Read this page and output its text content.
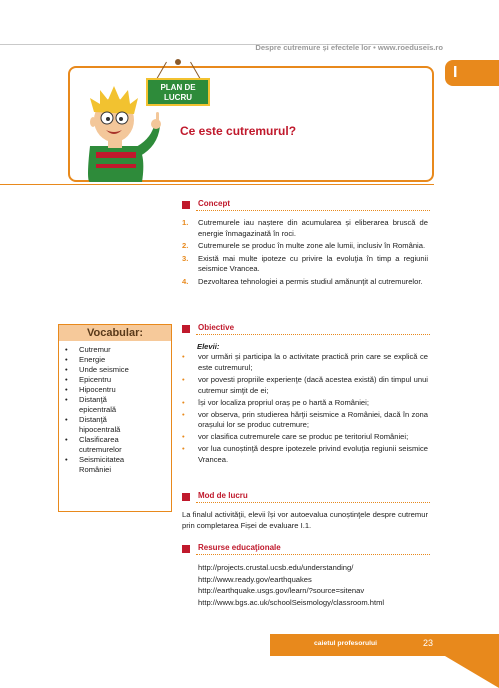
Despre cutremure și efectele lor • www.roeduseis.ro
I
PLAN DE LUCRU
Ce este cutremurul?
Vocabular:
• Cutremur
• Energie
• Unde seismice
• Epicentru
• Hipocentru
• Distanţă epicentrală
• Distanţă hipocentrală
• Clasificarea cutremurelor
• Seismicitatea României
Concept
1. Cutremurele iau naștere din acumularea și eliberarea bruscă de energie înmagazinată în roci.
2. Cutremurele se produc în multe zone ale lumii, inclusiv în România.
3. Există mai multe ipoteze cu privire la evoluţia în timp a regiunii seismice Vrancea.
4. Dezvoltarea tehnologiei a permis studiul amănunţit al cutremurelor.
Obiective
Elevii:
• vor urmări și participa la o activitate practică prin care se explică ce este cutremurul;
• vor povesti propriile experienţe (dacă acestea există) din timpul unui cutremur simţit de ei;
• își vor localiza propriul oraș pe o hartă a României;
• vor observa, prin studierea hărţii seismice a României, dacă în zona orașului lor se produc cutremure;
• vor clasifica cutremurele care se produc pe teritoriul României;
• vor lua cunoștinţă despre ipotezele privind evoluţia regiunii seismice Vrancea.
Mod de lucru
La finalul activităţii, elevii își vor autoevalua cunoștinţele despre cutremur prin completarea Fișei de evaluare I.1.
Resurse educaţionale
http://projects.crustal.ucsb.edu/understanding/
http://www.ready.gov/earthquakes
http://earthquake.usgs.gov/learn/?source=sitenav
http://www.bgs.ac.uk/schoolSeismology/classroom.html
caietul profesorului	23
